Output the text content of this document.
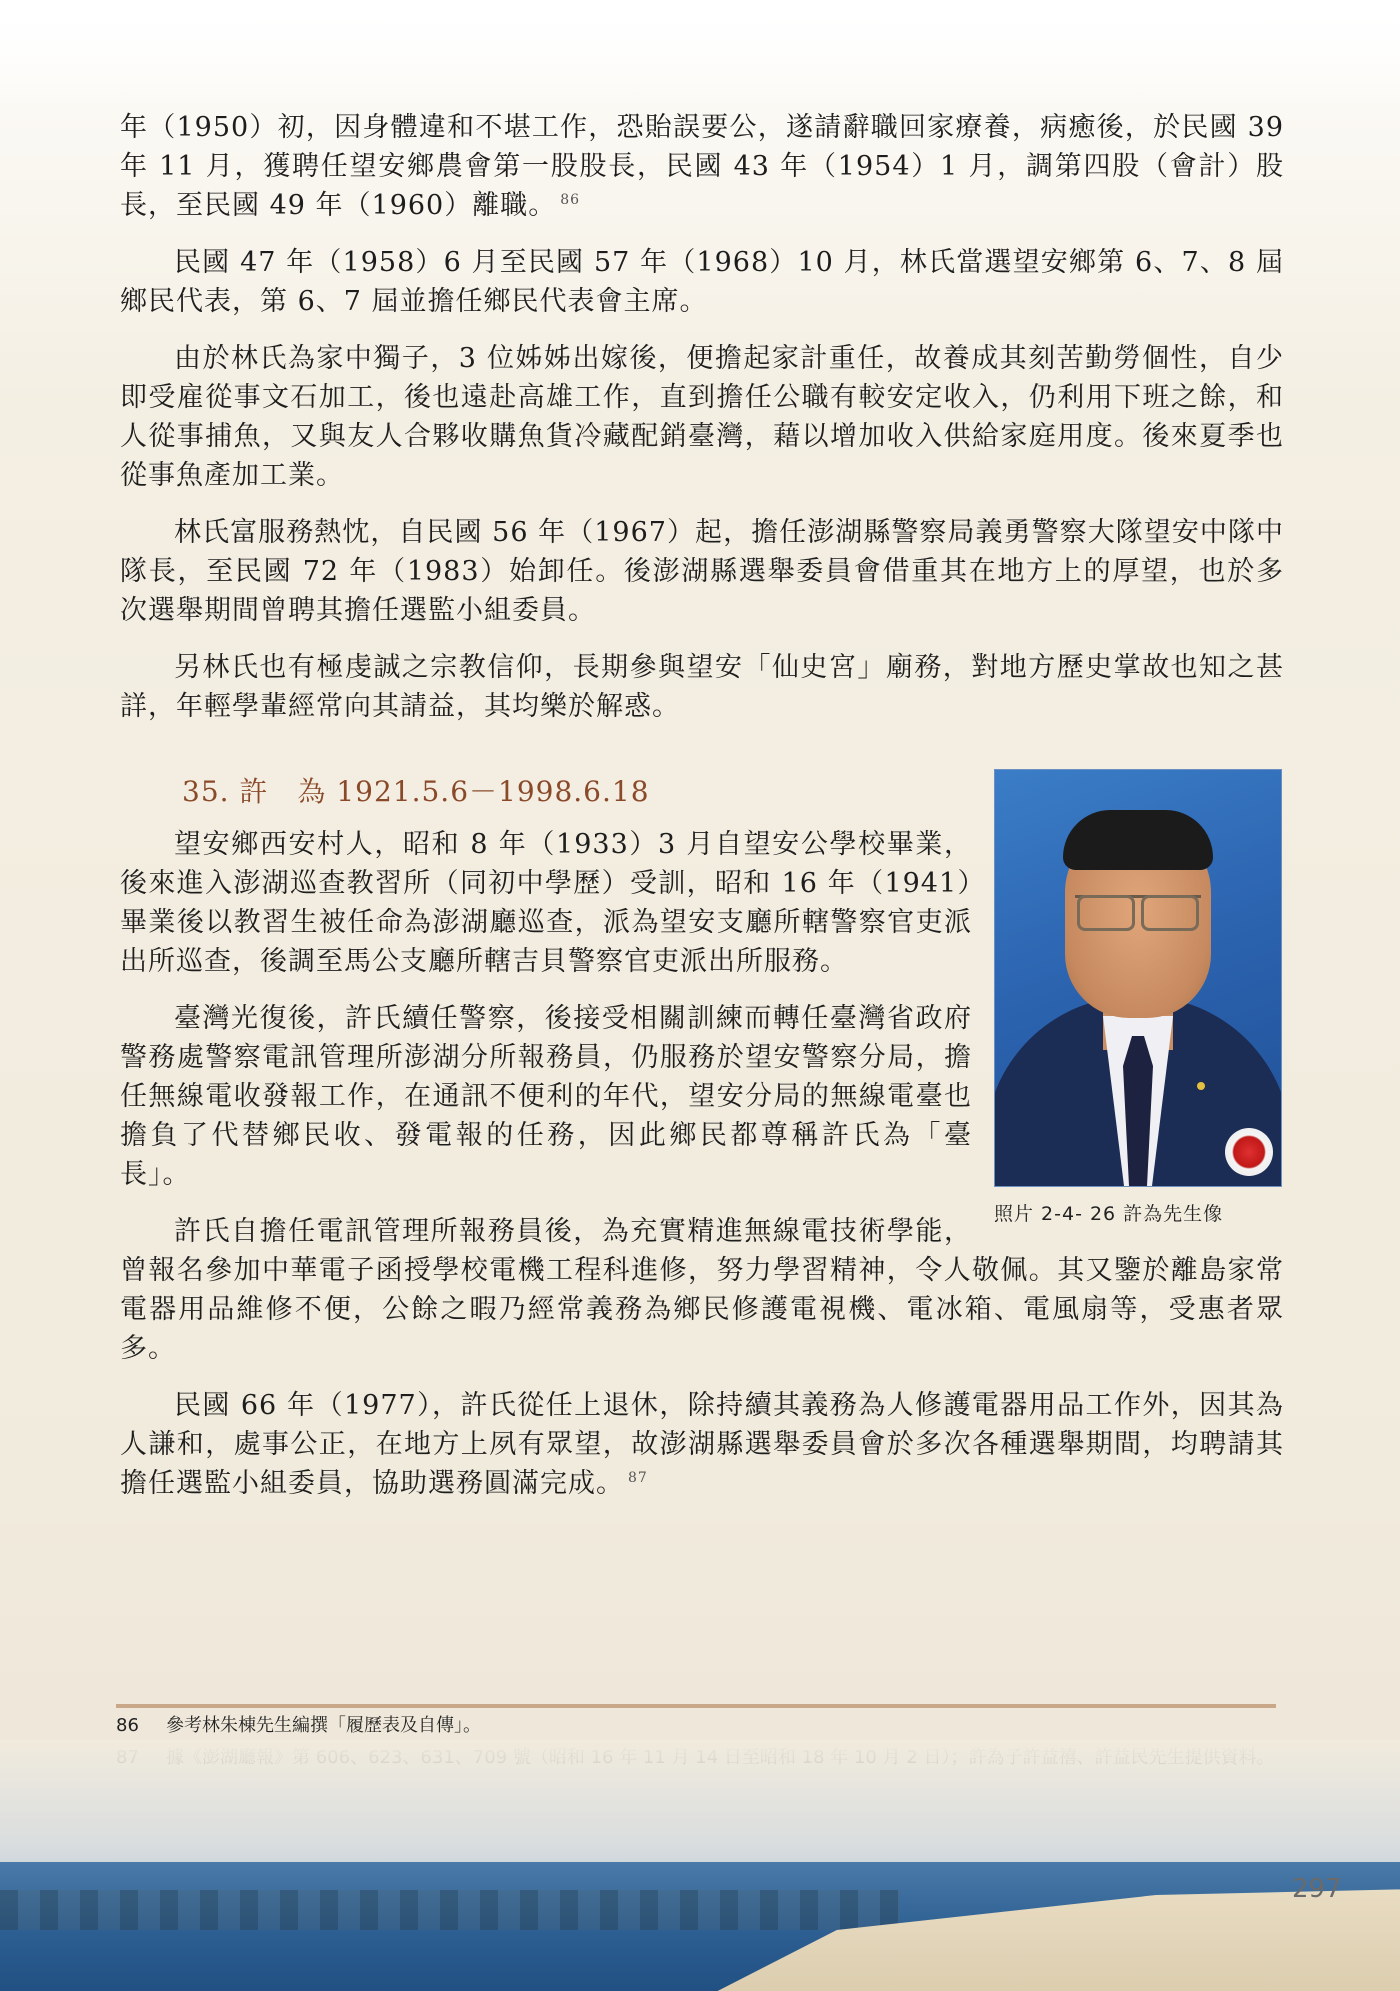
年（1950）初，因身體違和不堪工作，恐貽誤要公，遂請辭職回家療養，病癒後，於民國 39 年 11 月，獲聘任望安鄉農會第一股股長，民國 43 年（1954）1 月，調第四股（會計）股長，至民國 49 年（1960）離職。 $^{86}$

民國 47 年（1958）6 月至民國 57 年（1968）10 月，林氏當選望安鄉第 6、7、8 屆鄉民代表，第 6、7 屆並擔任鄉民代表會主席。

由於林氏為家中獨子，3 位姊姊出嫁後，便擔起家計重任，故養成其刻苦勤勞個性，自少即受雇從事文石加工，後也遠赴高雄工作，直到擔任公職有較安定收入，仍利用下班之餘，和人從事捕魚，又與友人合夥收購魚貨冷藏配銷臺灣，藉以增加收入供給家庭用度。後來夏季也從事魚產加工業。

林氏富服務熱忱，自民國 56 年（1967）起，擔任澎湖縣警察局義勇警察大隊望安中隊中隊長，至民國 72 年（1983）始卸任。後澎湖縣選舉委員會借重其在地方上的厚望，也於多次選舉期間曾聘其擔任選監小組委員。

另林氏也有極虔誠之宗教信仰，長期參與望安「仙史宮」廟務，對地方歷史掌故也知之甚詳，年輕學輩經常向其請益，其均樂於解惑。

35. 許　為 1921.5.6－1998.6.18
照片 2-4- 26 許為先生像

望安鄉西安村人，昭和 8 年（1933）3 月自望安公學校畢業，後來進入澎湖巡查教習所（同初中學歷）受訓，昭和 16 年（1941）畢業後以教習生被任命為澎湖廳巡查，派為望安支廳所轄警察官吏派出所巡查，後調至馬公支廳所轄吉貝警察官吏派出所服務。

臺灣光復後，許氏續任警察，後接受相關訓練而轉任臺灣省政府警務處警察電訊管理所澎湖分所報務員，仍服務於望安警察分局，擔任無線電收發報工作，在通訊不便利的年代，望安分局的無線電臺也擔負了代替鄉民收、發電報的任務，因此鄉民都尊稱許氏為「臺長」。

許氏自擔任電訊管理所報務員後，為充實精進無線電技術學能，曾報名參加中華電子函授學校電機工程科進修，努力學習精神，令人敬佩。其又鑒於離島家常電器用品維修不便，公餘之暇乃經常義務為鄉民修護電視機、電冰箱、電風扇等，受惠者眾多。

民國 66 年（1977），許氏從任上退休，除持續其義務為人修護電器用品工作外，因其為人謙和，處事公正，在地方上夙有眾望，故澎湖縣選舉委員會於多次各種選舉期間，均聘請其擔任選監小組委員，協助選務圓滿完成。 $^{87}$

86	參考林朱棟先生編撰「履歷表及自傳」。
297
